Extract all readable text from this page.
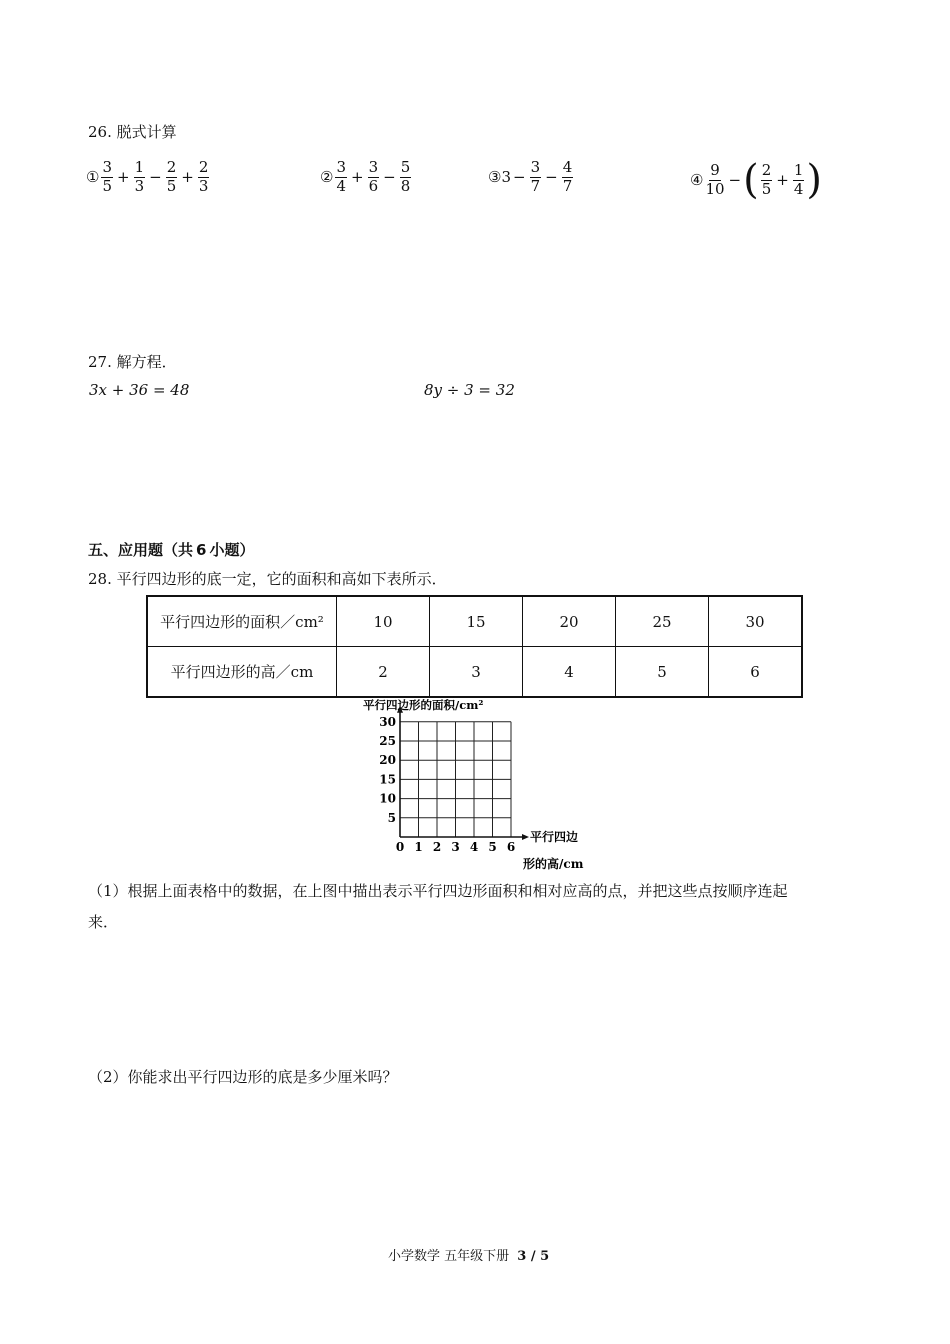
26. 脱式计算
① $\frac{3}{5} + \frac{1}{3} - \frac{2}{5} + \frac{2}{3}$	② $\frac{3}{4} + \frac{3}{6} - \frac{5}{8}$	③ $3 - \frac{3}{7} - \frac{4}{7}$	④ $\frac{9}{10}$ − ( $\frac{2}{5} + \frac{1}{4}$ )
27. 解方程．
3x + 36 = 48	8y ÷ 3 = 32
五、应用题（共 6 小题）
28. 平行四边形的底一定，它的面积和高如下表所示．
平行四边形的面积／cm²	10	15	20	25	30
平行四边形的高／cm	2	3	4	5	6
0 1 2 3 4 5 6
5
10
15
20
25
30
平行四边形的面积/cm²
平行四边
形的高/cm
（1）根据上面表格中的数据，在上图中描出表示平行四边形面积和相对应高的点，并把这些点按顺序连起
来．
（2）你能求出平行四边形的底是多少厘米吗？
小学数学 五年级下册 3 / 5
